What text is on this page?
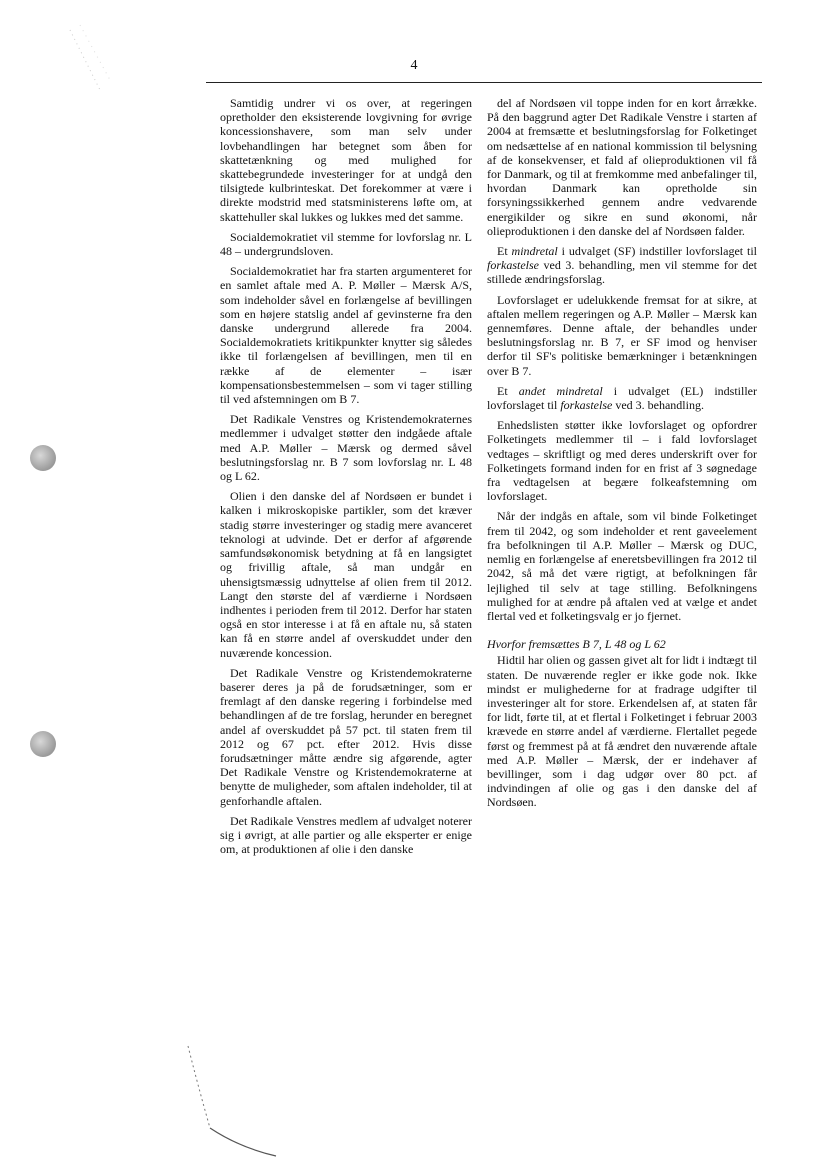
4

Samtidig undrer vi os over, at regeringen opretholder den eksisterende lovgivning for øvrige koncessionshavere, som man selv under lovbehandlingen har betegnet som åben for skattetænkning og med mulighed for skattebegrundede investeringer for at undgå den tilsigtede kulbrinteskat. Det forekommer at være i direkte modstrid med statsministerens løfte om, at skattehuller skal lukkes og lukkes med det samme.

Socialdemokratiet vil stemme for lovforslag nr. L 48 – undergrundsloven.

Socialdemokratiet har fra starten argumenteret for en samlet aftale med A. P. Møller – Mærsk A/S, som indeholder såvel en forlængelse af bevillingen som en højere statslig andel af gevinsterne fra den danske undergrund allerede fra 2004. Socialdemokratiets kritikpunkter knytter sig således ikke til forlængelsen af bevillingen, men til en række af de elementer – især kompensationsbestemmelsen – som vi tager stilling til ved afstemningen om B 7.

Det Radikale Venstres og Kristendemokraternes medlemmer i udvalget støtter den indgåede aftale med A.P. Møller – Mærsk og dermed såvel beslutningsforslag nr. B 7 som lovforslag nr. L 48 og L 62.

Olien i den danske del af Nordsøen er bundet i kalken i mikroskopiske partikler, som det kræver stadig større investeringer og stadig mere avanceret teknologi at udvinde. Det er derfor af afgørende samfundsøkonomisk betydning at få en langsigtet og frivillig aftale, så man undgår en uhensigtsmæssig udnyttelse af olien frem til 2012. Langt den største del af værdierne i Nordsøen indhentes i perioden frem til 2012. Derfor har staten også en stor interesse i at få en aftale nu, så staten kan få en større andel af overskuddet under den nuværende koncession.

Det Radikale Venstre og Kristendemokraterne baserer deres ja på de forudsætninger, som er fremlagt af den danske regering i forbindelse med behandlingen af de tre forslag, herunder en beregnet andel af overskuddet på 57 pct. til staten frem til 2012 og 67 pct. efter 2012. Hvis disse forudsætninger måtte ændre sig afgørende, agter Det Radikale Venstre og Kristendemokraterne at benytte de muligheder, som aftalen indeholder, til at genforhandle aftalen.

Det Radikale Venstres medlem af udvalget noterer sig i øvrigt, at alle partier og alle eksperter er enige om, at produktionen af olie i den danske

del af Nordsøen vil toppe inden for en kort årrække. På den baggrund agter Det Radikale Venstre i starten af 2004 at fremsætte et beslutningsforslag for Folketinget om nedsættelse af en national kommission til belysning af de konsekvenser, et fald af olieproduktionen vil få for Danmark, og til at fremkomme med anbefalinger til, hvordan Danmark kan opretholde sin forsyningssikkerhed gennem andre vedvarende energikilder og sikre en sund økonomi, når olieproduktionen i den danske del af Nordsøen falder.

Et mindretal i udvalget (SF) indstiller lovforslaget til forkastelse ved 3. behandling, men vil stemme for det stillede ændringsforslag.

Lovforslaget er udelukkende fremsat for at sikre, at aftalen mellem regeringen og A.P. Møller – Mærsk kan gennemføres. Denne aftale, der behandles under beslutningsforslag nr. B 7, er SF imod og henviser derfor til SF's politiske bemærkninger i betænkningen over B 7.

Et andet mindretal i udvalget (EL) indstiller lovforslaget til forkastelse ved 3. behandling.

Enhedslisten støtter ikke lovforslaget og opfordrer Folketingets medlemmer til – i fald lovforslaget vedtages – skriftligt og med deres underskrift over for Folketingets formand inden for en frist af 3 søgnedage fra vedtagelsen at begære folkeafstemning om lovforslaget.

Når der indgås en aftale, som vil binde Folketinget frem til 2042, og som indeholder et rent gaveelement fra befolkningen til A.P. Møller – Mærsk og DUC, nemlig en forlængelse af eneretsbevillingen fra 2012 til 2042, så må det være rigtigt, at befolkningen får lejlighed til selv at tage stilling. Befolkningens mulighed for at ændre på aftalen ved at vælge et andet flertal ved et folketingsvalg er jo fjernet.

Hvorfor fremsættes B 7, L 48 og L 62

Hidtil har olien og gassen givet alt for lidt i indtægt til staten. De nuværende regler er ikke gode nok. Ikke mindst er mulighederne for at fradrage udgifter til investeringer alt for store. Erkendelsen af, at staten får for lidt, førte til, at et flertal i Folketinget i februar 2003 krævede en større andel af værdierne. Flertallet pegede først og fremmest på at få ændret den nuværende aftale med A.P. Møller – Mærsk, der er indehaver af bevillinger, som i dag udgør over 80 pct. af indvindingen af olie og gas i den danske del af Nordsøen.
